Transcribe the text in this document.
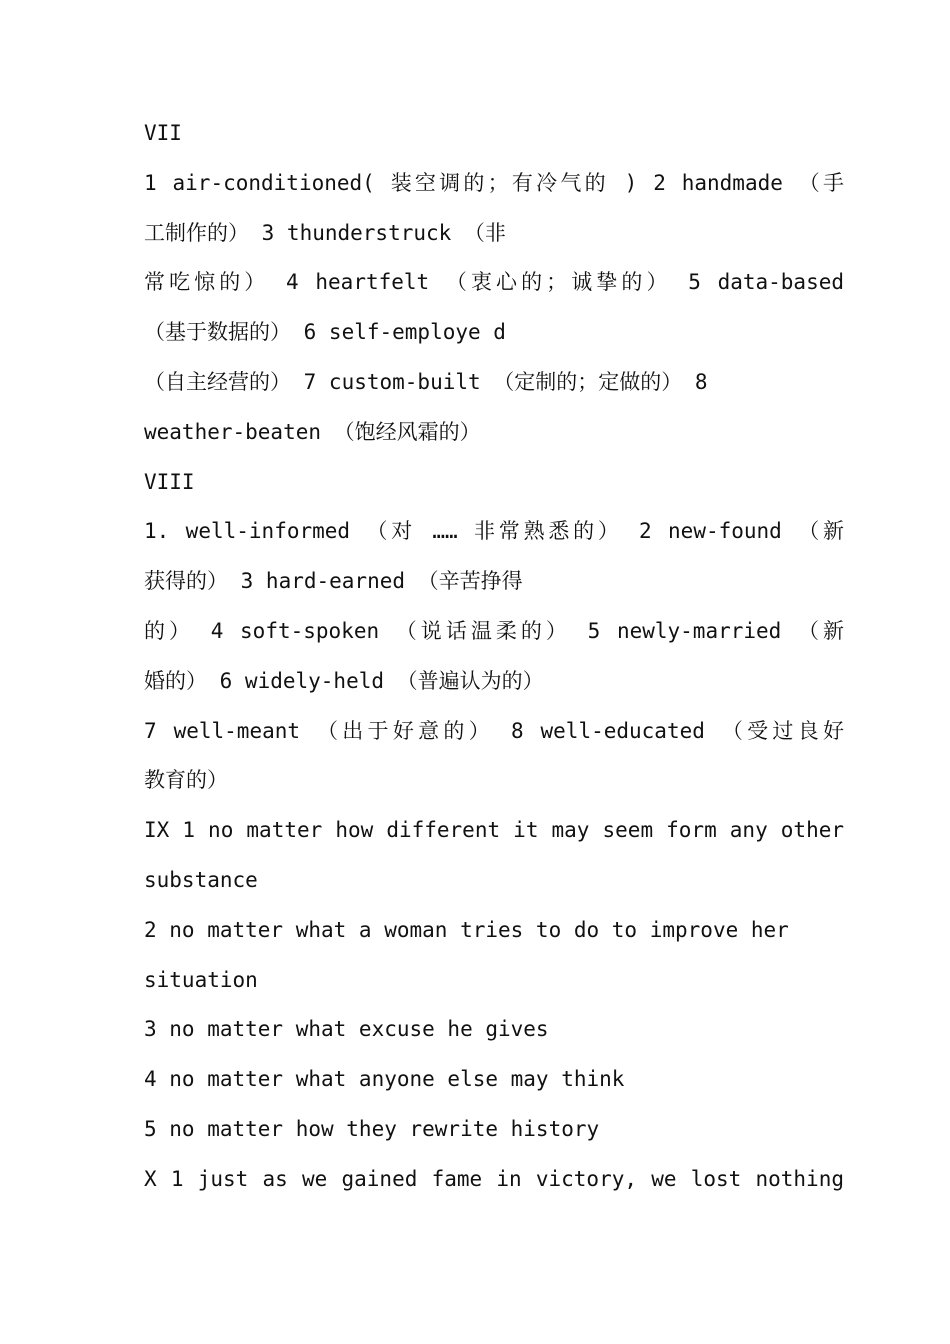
VII
1 air-conditioned( 装空调的；有冷气的 ) 2 handmade （手
工制作的） 3 thunderstruck （非
常吃惊的） 4 heartfelt （衷心的；诚挚的） 5 data-based
（基于数据的） 6 self-employe d
（自主经营的） 7 custom-built （定制的；定做的） 8
weather-beaten （饱经风霜的）
VIII
1. well-informed （对 …… 非常熟悉的） 2 new-found （新
获得的） 3 hard-earned （辛苦挣得
的） 4 soft-spoken （说话温柔的） 5 newly-married （新
婚的） 6 widely-held （普遍认为的）
7 well-meant （出于好意的） 8 well-educated （受过良好
教育的）
IX 1 no matter how different it may seem form any other
substance
2 no matter what a woman tries to do to improve her
situation
3 no matter what excuse he gives
4 no matter what anyone else may think
5 no matter how they rewrite history
X 1 just as we gained fame in victory, we lost nothing
